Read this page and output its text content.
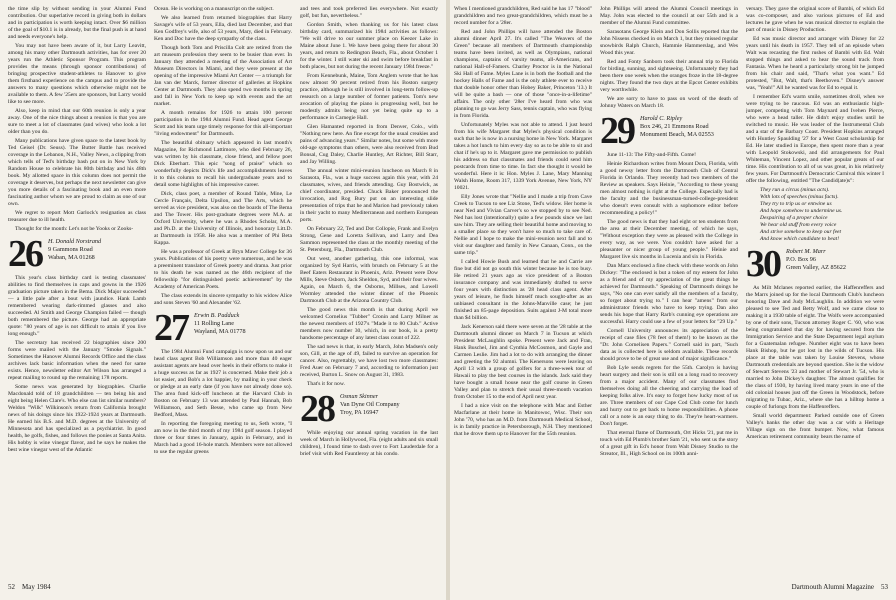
the time slip by without sending in your Alumni Fund contribution. Our superlative record in giving both in dollars and in participation is worth keeping intact. Over $6 million of the goal of $10.1 is in already, but the final push is at hand and needs everyone's help.

You may not have been aware of it, but Larry Leavitt, among his many other Dartmouth activities, has for over 20 years run the Athletic Sponsor Program. This program provides the means (through sponsor contributions) of bringing prospective student-athletes to Hanover to give them firsthand experience on the campus and to provide the answers to many questions which otherwise might not be available to them. A few '25ers are sponsors, but Larry would like to see more.

Also, keep in mind that our 60th reunion is only a year away. One of the nice things about a reunion is that you are sure to meet a lot of classmates (and wives) who look a lot older than you do.

Many publications have given space to the latest book by Ted Geisel (Dr. Seuss). The Butter Battle has received coverage in the Lebanon, N.H., Valley News, a clipping from which tells of Ted's birthday bash put on in New York by Random House to celebrate his 80th birthday and his 48th book. My allotted space in this column does not permit the coverage it deserves, but perhaps the next newsletter can give you more details of a fascinating book and an even more fascinating author whom we are proud to claim as one of our own.

We regret to report Mott Garlock's resignation as class treasurer due to ill health.

Thought for the month: Let's not be Yooks or Zooks-

26 H. Donald Norstrand
9 Gammons Road
Waban, MA 01268

This year's class birthday card is testing classmates' abilities to find themselves in caps and gowns in the 1926 graduation picture taken in the Bema. Dick Major succeeded — a little pale after a bout with jaundice. Hank Lamb remembered wearing dark-rimmed glasses and also succeeded. Al Smith and George Champion failed — though both remembered the picture. George had an appropriate quote: "80 years of age is not difficult to attain if you live long enough."

The secretary has received 22 biographies since 200 forms were mailed with the January "Smoke Signals." Sometimes the Hanover Alumni Records Office and the class archives lack basic information when the need for same exists. Hence, newsletter editor Art Wilson has arranged a repeat mailing to round up the remaining 178 reports.

Some news was generated by biographies. Charlie Macdonald told of 18 grandchildren — ten being his and eight being Helen Clare's. Who else can list similar numbers? Weldon "Wilk" Wilkinson's return from California brought news of his doings since his 1922-1924 years at Dartmouth. He earned his B.S. and M.D. degrees at the University of Minnesota and has specialized as a psychiatrist. In good health, he golfs, fishes, and follows the ponies at Santa Anita. His hobby is wine vinegar flavor, and he says he makes the best wine vinegar west of the Atlantic

Ocean. He is working on a manuscript on the subject.

We also learned from returned biographies that Harry Savage's wife of 53 years, Ella, died last December, and that Ken Godfrey's wife, also of 53 years, Mary, died in February. Ken and Doc have the deep sympathy of the class.

Though both Tom and Priscilla Colt are retired from the art museum profession they seem to be busier than ever. In January they attended a meeting of the Association of Art Museum Directors in Miami, and they were present at the opening of the impressive Miami Art Center — a triumph for Jan van der Marck, former director of galleries at Hopkins Center at Dartmouth. They also spend two months in spring and fall in New York to keep up with events and the art market.

A month remains for 1926 to attain 100 percent participation in the 1984 Alumni Fund. Head agent George Scott and his team urge timely response for this all-important "living endowment" for Dartmouth.

The beautiful obituary which appeared in last month's Magazine, for Richmond Lattimore, who died February 26, was written by his classmate, close friend, and fellow poet Dick Eberhart. This epic "song of praise" which so wonderfully depicts Dick's life and accomplishments leaves it to this column to recall his undergraduate years and to detail some highlights of his impressive career.

Dick, class poet, a member of Round Table, Mine, Le Cercle Français, Delta Upsilon, and The Arts, which he served as vice president, was also on the boards of The Bema and The Tower. His post-graduate degrees were M.A. at Oxford University, where he was a Rhodes Scholar, M.A. and Ph.D. at the University of Illinois, and honorary Litt.D. at Dartmouth in 1958. He also was a member of Phi Beta Kappa.

He was a professor of Greek at Bryn Mawr College for 36 years. Publications of his poetry were numerous, and he was a preeminent translator of Greek poetry and drama. Just prior to his death he was named as the 46th recipient of the fellowship "for distinguished poetic achievement" by the Academy of American Poets.

The class extends its sincere sympathy to his widow Alice and sons Steven '60 and Alexander '62.

27 Erwin B. Padduck
11 Rolling Lane
Wayland, MA 01778

The 1984 Alumni Fund campaign is now upon us and our head class agent Bob Williamson and more than 40 eager assistant agents are head over heels in their efforts to make it a huge success as far as 1927 is concerned. Make their job a lot easier, and Bob's a lot happier, by mailing in your check or pledge at an early date (if you have not already done so). The area fund kick-off luncheon at the Harvard Club in Boston on February 13 was attended by Paul Hannah, Bob Williamson, and Seth Besse, who came up from New Bedford, Mass.

In reporting the foregoing meeting to us, Seth wrote, "I am now in the third month of my 1984 golf season. I played three or four times in January, again in February, and in March had a good 16-hole match. Members were not allowed to use the regular greens

and tees and took preferred lies everywhere. Not exactly golf, but fun, nevertheless."

Gordon Smith, when thanking us for his latest class birthday card, summarized his 1984 activities as follows: "We will drive to our summer place on Keezer Lake in Maine about June 1. We have been going there for about 30 years, and return to Redington Beach, Fla., about October 1 for the winter. I still water ski and swim before breakfast in both places, but not during the recent January 1984 freeze."

From Kennebunk, Maine, Tom Anglem wrote that he has now almost 90 percent retired from his Boston surgery practice, although he is still involved in long-term follow-up research on a large number of former patients. Tom's new avocation of playing the piano is progressing well, but he modestly admits being not yet being quite up to a performance in Carnegie Hall.

Glen Hamanted reported in from Denver, Colo., with "Nothing new here. An fine except for the usual creakies and pains of advancing years." Similar notes, but some with more old-age symptoms than others, were also received from Bud Bonsal, Cug Daley, Charlie Huntley, Art Richter, Bill Starr, and Jay Willing.

The annual winter mini-reunion luncheon on March 8 in Sarasota, Fla., was a huge success again this year, with 24 classmates, wives, and friends attending. Guy Bostwick, as chief coordinator, presided. Chuck Baker pronounced the invocation, and Rog Bury put on an interesting slide presentation of trips that he and Marion had previously taken in their yacht to many Mediterranean and northern European ports.

On February 22, Ted and Dot Collopie, Frank and Evelyn Strong, Gene and Loretta Sullivan, and Larry and Dea Sammon represented the class at the monthly meeting of the St. Petersburg, Fla., Dartmouth Club.

Out west, another gathering, this one informal, was organized by Syd Harris, with brunch on February 5 at the Beef Eaters Restaurant in Phoenix, Ariz. Present were Dow Mills, Steve Osborn, Jack Sheldon, Syd, and their four wives. Again, on March 6, the Osborns, Millses, and Lowell Wormley attended the winter dinner of the Phoenix Dartmouth Club at the Arizona Country Club.

The good news this month is that during April we welcomed Cornelius "Tubber" Cronin and Larry Milner as the newest members of 1927's "Made it to 80 Club." Active members now number 30, which, in our book, is a pretty handsome percentage of any latest class count of 222.

The sad news is that, in early March, John Madsen's only son, Gill, at the age of 49, failed to survive an operation for cancer. Also, regrettably, we have lost two more classmates: Fred Auer on February 7 and, according to information just received, Burton L. Snow on August 31, 1983.

That's it for now.

28 Osmun Skinner
Van Dyne Oil Company
Troy, PA 16947

While enjoying our annual spring vacation in the last week of March in Hollywood, Fla. (eight adults and six small children), I found time to dash over to Fort Lauderdale for a brief visit with Red Fauntleroy at his condo.

52 May 1984

When I mentioned grandchildren, Red said he has 17 "blood" grandchildren and two great-grandchildren, which must be a record number for a '28er.

Red and John Phillips will have attended the Boston alumni dinner April 27. It's called "The Weavers of the Green" because all members of Dartmouth championship teams have been invited, as well as Olympians, national champions, captains of varsity teams, all-Americans, and national Hall-of-Famers. Charley Proctor is in the National Ski Hall of Fame. Myles Lane is in both the football and the hockey Halls of Fame and is the only athlete ever to receive that double honor other than Hobey Baker, Princeton '13.) It will be quite a bash — one of those "once-in-a-lifetime" affairs. The only other '28er I've heard from who was planning to go was Jerry Sass, tennis captain, who was flying in from Florida.

Unfortunately Myles was not able to attend. I just heard from his wife Margaret that Myles's physical condition is such that he is now in a nursing home in New York. Margaret takes a hot lunch to him every day so as to be able to sit and chat if he's up to it. Margaret gave me permission to publish his address so that classmates and friends could send him postcards from time to time. In fact she thought it would be wonderful. Here it is: Hon. Myles J. Lane, Mary Manning Walsh Home, Room 317, 1339 York Avenue, New York, NY 10021.

Elly Jones wrote that "Nellie and I made a trip from Cave Creek to Tucson to see Liz Stone, Ted's widow. Her home is near Ned and Vivian Carver's so we stopped by to see Ned. Ned has lost (intentionally) quite a few pounds since we last saw him. They are selling their beautiful home and moving to a smaller place so they won't have so much to take care of. Nellie and I hope to make the mini-reunion next fall and to visit our daughter and family in New Canaan, Conn., on the same trip."

I called Howie Bush and learned that he and Carrie are fine but did not go south this winter because he is too busy. He retired 21 years ago as vice president of a Boston insurance company and was immediately drafted to serve four years with distinction as '28 head class agent. After years of leisure, he finds himself much sought-after as an unbiased consultant in the Johns-Manville case; he just finished an 85-page deposition. Suits against J-M total more than $4 billion.

Jack Kenerson said there were seven at the '28 table at the Dartmouth alumni dinner on March 7 in Tucson at which President McLaughlin spoke. Present were Jack and Fran, Hank Buschel, Jim and Cynthia McCosmon, and Gayle and Carmen Leslie. Jim had a lot to do with arranging the dinner and greeting the 92 alumni. The Kenersons were leaving on April 13 with a group of golfers for a three-week tour of Hawaii to play the best courses in the islands. Jack said they have bought a small house near the golf course in Green Valley and plan to stretch their usual three-month vacation from October 15 to the end of April next year.

I had a nice visit on the telephone with Mac and Esther Macfarlane at their home in Manitowoc, Wisc. Their son John '70, who has an M.D. from Dartmouth Medical School, is in family practice in Petersborough, N.H. They mentioned that he drove them up to Hanover for the 55th reunion.

John Phillips will attend the Alumni Council meetings in May. John was elected to the council at our 55th and is a member of the Alumni Fund committee.

Sarasotans George Klein and Don Sollis reported that the John Nissens checked in on March 1, but they missed regular snowbirds Ralph Church, Hammie Hammerslag, and Wes Wood this year.

Red and Fonty Sanborn took their annual trip to Florida for birding, sunning, and sightseeing. Unfortunately they had been there one week when the oranges froze in the 18-degree nights. They found the two days at the Epcot Center exhibits very worthwhile.

We are sorry to have to pass on word of the death of Johnny Waters on March 18.

29 Harold C. Ripley
Box 246, 21 Emmons Road
Monument Beach, MA 02553

June 11-13: The Fifty-and-Fifth. Come!

Heinie Richardson writes from Mount Dora, Florida, with a good newsy letter from the Dartmouth Club of Central Florida in Orlando. They recently had two members of the Review as speakers. Says Heinie, "According to these young men almost nothing is right at the College. Especially bad is the faculty and the businessman-turned-college-president who doesn't even consult with a sophomore editor before recommending a policy!"

The good news is that they had eight or ten students from the area at their December meeting, of which he says, "Without exception they were as pleased with the College in every way, as we were. You couldn't have asked for a pleasanter or nicer group of young people." Heinie and Margaret live six months in Lucenia and six in Florida.

Dan Marx enclosed a fine check with these words on John Dickey: "The enclosed is but a token of my esteem for John as a friend and of my appreciation of the great things he achieved for Dartmouth." Speaking of Dartmouth doings he says, "No one can ever satisfy all the members of a faculty, so forget about trying to." I can hear "amens" from our administrator friends who have to keep trying. Dan also sends his hope that Harry Rarb's cunning eye operations are successful. Harry could use a few of your letters for "29 Up."

Cornell University announces its appreciation of the receipt of case files (78 feet of them!) to be known as the "Dr. John Cornelisen Papers." Cornell said in part, "Such data as is collected here is seldom available. These records should prove to be of great use and of major significance."

Bob Lyle sends regrets for the 55th. Carolyn is having heart surgery and their son is still on a long road to recovery from a major accident. Many of our classmates find themselves doing all the cheering and carrying the load of keeping folks alive. It's easy to forget how lucky most of us are. Three members of our Cape Cod Club come for lunch and hurry out to get back to home responsibilities. A phone call or a note is an easy thing to do. They're heart-warmers. Don't forget.

That eternal flame of Dartmouth, Ort Hicks '21, put me in touch with Ed Plumb's brother Sam '21, who sent us the story of a great gift in Ed's honor from Walt Disney Studio to the Streator, Ill., High School on its 100th anni-

versary. They gave the original score of Bambi, of which Ed was co-composer, and also various pictures of Ed and lectures he gave when he was musical director to explain the part of music in Disney Production.

Ed was music director and arranger with Disney for 22 years until his death in 1957. They tell of an episode when Walt was recasting the first rushes of Bambi with Ed. Walt stopped things and asked to hear the sound track from Fantasia. When he heard a particularly strong bit he jumped from his chair and said, "That's what you want." Ed protested, "But, Walt, that's Beethoven." Disney's answer was, "Yeah!" All he wanted was for Ed to equal it.

I remember Ed's warm smile, sometimes droll, when we were trying to be raucous. Ed was an enthusiastic high-jumper, competing with Tom Maynard and Ivehen Pierce, who were a head taller. He didn't enjoy studies until he switched to music. He was leader of the Instrumental Club and a star of the Barbary Coast. President Hopkins arranged with Huntley Spaulding '27 for a West Coast scholarship for Ed. He later studied in Europe, then spent more than a year with Leopold Stokowski, and did arrangements for Paul Whiteman, Vincent Lopez, and other popular greats of our time. His contribution to all of us was great, in his relatively few years. For Dartmouth's Democratic Carnival this winter I offer the following, entitled "The Candid(ate)s":

They run a circus (minus acts).

With lots of speeches (minus facts).

They try to trip us or entwine us

And hope somehow to undermine us.

Despairing of a proper choice

We hear old stuff from every voice

And strive somehow to keep our feet

And know which candidate to beat!

30 Robert M. Marr
P.O. Box 96
Green Valley, AZ 85622

As Milt Mclanes reported earlier, the Haffenreffers and the Marrs joined up for the local Dartmouth Club's luncheon honoring Dave and Judy McLaughlin. In addition we were pleased to see Ted and Betty Wolf, and we came close to making it a 1930 table of eight. The Wolfs were accompanied by one of their sons, Tucson attorney Roger C. '60, who was being congratulated that day for having secured from the Immigration Service and the State Department legal asylum for a Guatemalan refugee. Number eight was to have been Hank Bishop, but he got lost in the wilds of Tucson. His place at the table was taken by Louise Stevens, whose Dartmouth credentials are beyond question. She is the widow of Stewart Stevens '23 and mother of Stewart Jr. '54, who is married to John Dickey's daughter. The almost qualifies for the class of 1930, by having lived many years in one of the old colonial houses just off the Green in Woodstock, before migrating to Tubac, Ariz., where she has a hilltop home a couple of furlongs from the Haffenreffers.

Small world department: Parked outside one of Green Valley's banks the other day was a car with a Heritage Village sign on the front bumper. Now, what famous American retirement community bears the name of

Dartmouth Alumni Magazine 53
